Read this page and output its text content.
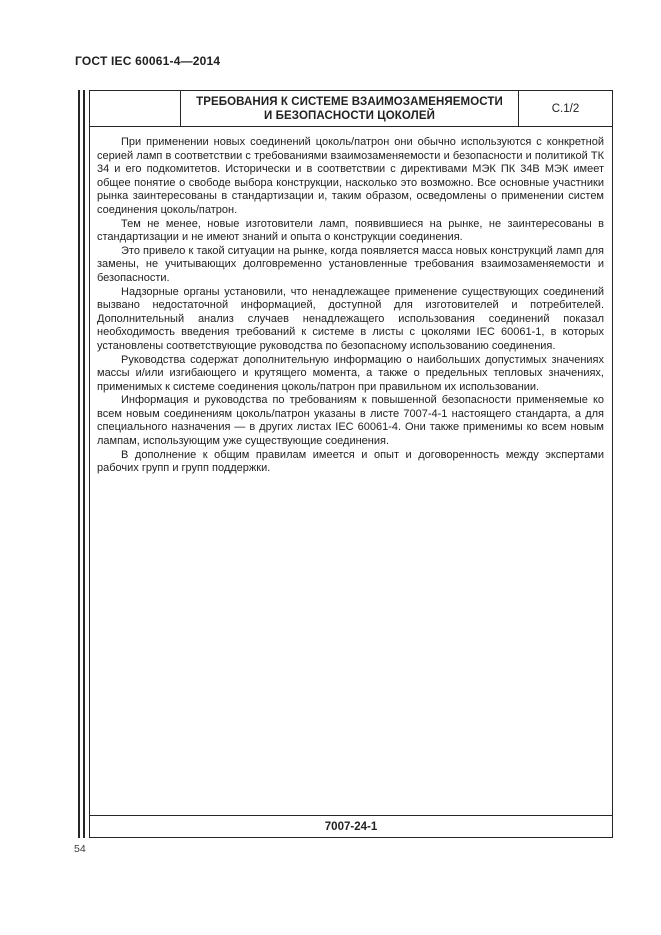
ГОСТ IEC 60061-4—2014
ТРЕБОВАНИЯ К СИСТЕМЕ ВЗАИМОЗАМЕНЯЕМОСТИ
И БЕЗОПАСНОСТИ ЦОКОЛЕЙ
С.1/2

При применении новых соединений цоколь/патрон они обычно используются с конкретной серией ламп в соответствии с требованиями взаимозаменяемости и безопасности и политикой ТК 34 и его подкомитетов. Исторически и в соответствии с директивами МЭК ПК 34В МЭК имеет общее понятие о свободе выбора конструкции, насколько это возможно. Все основные участники рынка заинтересованы в стандартизации и, таким образом, осведомлены о применении систем соединения цоколь/патрон.

Тем не менее, новые изготовители ламп, появившиеся на рынке, не заинтересованы в стандартизации и не имеют знаний и опыта о конструкции соединения.

Это привело к такой ситуации на рынке, когда появляется масса новых конструкций ламп для замены, не учитывающих долговременно установленные требования взаимозаменяемости и безопасности.

Надзорные органы установили, что ненадлежащее применение существующих соединений вызвано недостаточной информацией, доступной для изготовителей и потребителей. Дополнительный анализ случаев ненадлежащего использования соединений показал необходимость введения требований к системе в листы с цоколями IEC 60061-1, в которых установлены соответствующие руководства по безопасному использованию соединения.

Руководства содержат дополнительную информацию о наибольших допустимых значениях массы и/или изгибающего и крутящего момента, а также о предельных тепловых значениях, применимых к системе соединения цоколь/патрон при правильном их использовании.

Информация и руководства по требованиям к повышенной безопасности применяемые ко всем новым соединениям цоколь/патрон указаны в листе 7007-4-1 настоящего стандарта, а для специального назначения — в других листах IEC 60061-4. Они также применимы ко всем новым лампам, использующим уже существующие соединения.

В дополнение к общим правилам имеется и опыт и договоренность между экспертами рабочих групп и групп поддержки.

7007-24-1
54
